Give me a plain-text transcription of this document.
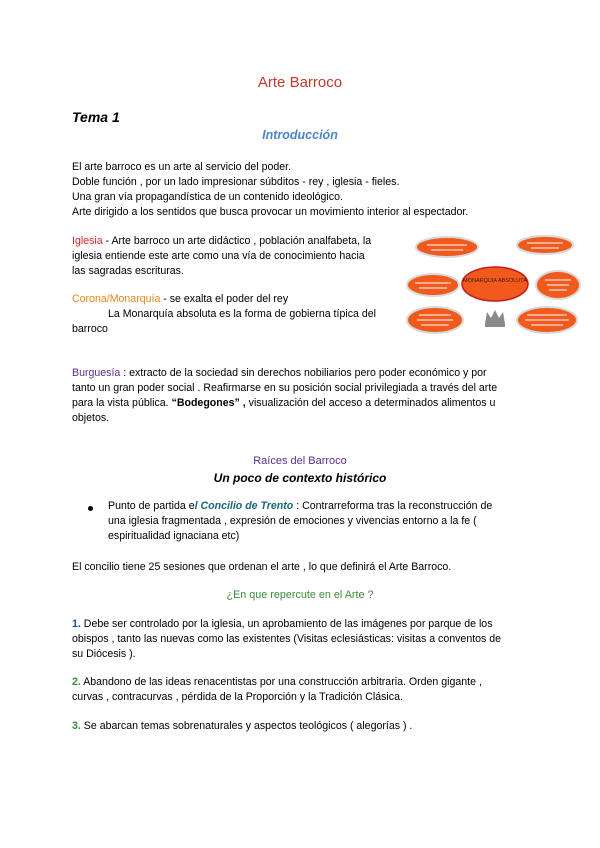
Arte Barroco
Tema 1
Introducción
El arte barroco es un arte al servicio del poder.
Doble función , por un lado impresionar súbditos - rey , iglesia - fieles.
Una gran vía propagandística de un contenido ideológico.
Arte dirigido a los sentidos que busca provocar un movimiento interior al espectador.
Iglesia - Arte barroco un arte didáctico , población analfabeta, la
iglesia entiende este arte como una vía de conocimiento hacia
las sagradas escrituras.
Corona/Monarquía - se exalta el poder del rey
La Monarquía absoluta es la forma de gobierna típica del
barroco
MONARQUIA ABSOLUTA
Burguesía : extracto de la sociedad sin derechos nobiliarios pero poder económico y por
tanto un gran poder social . Reafirmarse en su posición social privilegiada a través del arte
para la vista pública. “Bodegones” , visualización del acceso a determinados alimentos u
objetos.
Raíces del Barroco
Un poco de contexto histórico
Punto de partida el Concilio de Trento : Contrarreforma tras la reconstrucción de
una iglesia fragmentada , expresión de emociones y vivencias entorno a la fe (
espiritualidad ignaciana etc)
El concilio tiene 25 sesiones que ordenan el arte , lo que definirá el Arte Barroco.
¿En que repercute en el Arte ?
1. Debe ser controlado por la iglesia, un aprobamiento de las imágenes por parque de los
obispos , tanto las nuevas como las existentes (Visitas eclesiásticas: visitas a conventos de
su Diócesis ).
2. Abandono de las ideas renacentistas por una construcción arbitraria. Orden gigante ,
curvas , contracurvas , pérdida de la Proporción y la Tradición Clásica.
3. Se abarcan temas sobrenaturales y aspectos teológicos ( alegorías ) .
